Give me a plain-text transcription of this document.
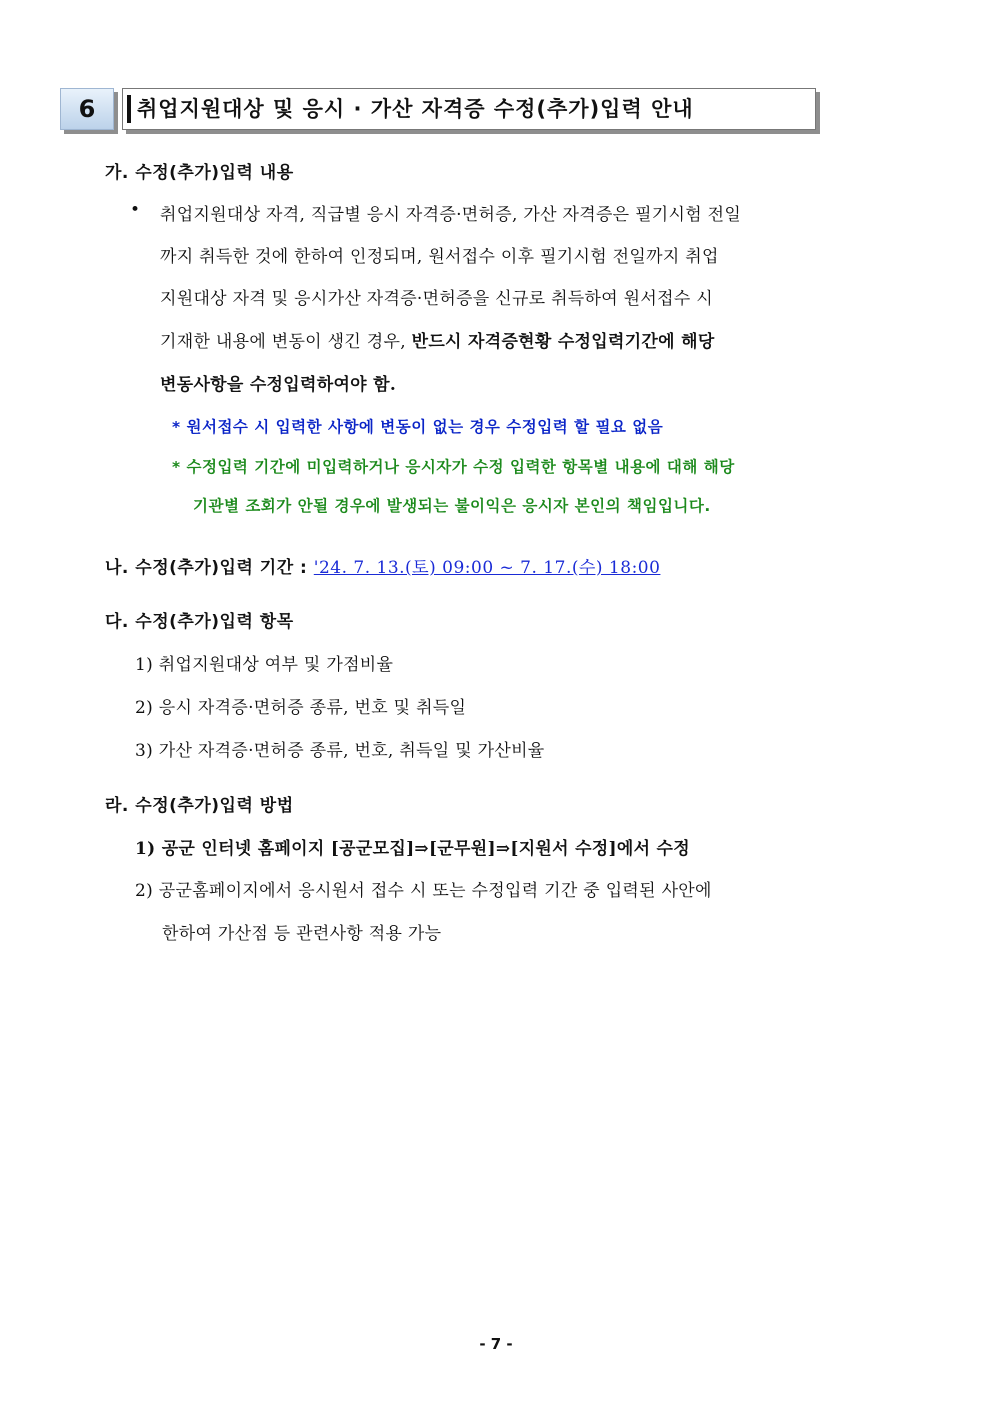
6	취업지원대상 및 응시 · 가산 자격증 수정(추가)입력 안내
가. 수정(추가)입력 내용
• 취업지원대상 자격, 직급별 응시 자격증·면허증, 가산 자격증은 필기시험 전일
까지 취득한 것에 한하여 인정되며, 원서접수 이후 필기시험 전일까지 취업
지원대상 자격 및 응시가산 자격증·면허증을 신규로 취득하여 원서접수 시
기재한 내용에 변동이 생긴 경우, 반드시 자격증현황 수정입력기간에 해당
변동사항을 수정입력하여야 함.
* 원서접수 시 입력한 사항에 변동이 없는 경우 수정입력 할 필요 없음
* 수정입력 기간에 미입력하거나 응시자가 수정 입력한 항목별 내용에 대해 해당
기관별 조회가 안될 경우에 발생되는 불이익은 응시자 본인의 책임입니다.
나. 수정(추가)입력 기간 : '24. 7. 13.(토) 09:00 ~ 7. 17.(수) 18:00
다. 수정(추가)입력 항목
1) 취업지원대상 여부 및 가점비율
2) 응시 자격증·면허증 종류, 번호 및 취득일
3) 가산 자격증·면허증 종류, 번호, 취득일 및 가산비율
라. 수정(추가)입력 방법
1) 공군 인터넷 홈페이지 [공군모집]⇒[군무원]⇒[지원서 수정]에서 수정
2) 공군홈페이지에서 응시원서 접수 시 또는 수정입력 기간 중 입력된 사안에
한하여 가산점 등 관련사항 적용 가능
- 7 -
